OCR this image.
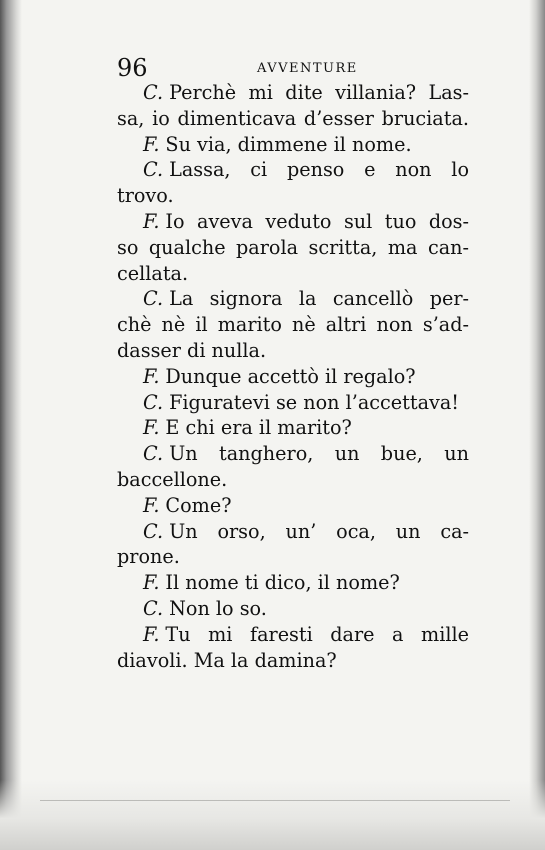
96	AVVENTURE
C. Perchè mi dite villania? Las-
sa, io dimenticava d’esser bruciata.
F. Su via, dimmene il nome.
C. Lassa, ci penso e non lo
trovo.
F. Io aveva veduto sul tuo dos-
so qualche parola scritta, ma can-
cellata.
C. La signora la cancellò per-
chè nè il marito nè altri non s’ad-
dasser di nulla.
F. Dunque accettò il regalo?
C. Figuratevi se non l’accettava!
F. E chi era il marito?
C. Un tanghero, un bue, un
baccellone.
F. Come?
C. Un orso, un’ oca, un ca-
prone.
F. Il nome ti dico, il nome?
C. Non lo so.
F. Tu mi faresti dare a mille
diavoli. Ma la damina?
